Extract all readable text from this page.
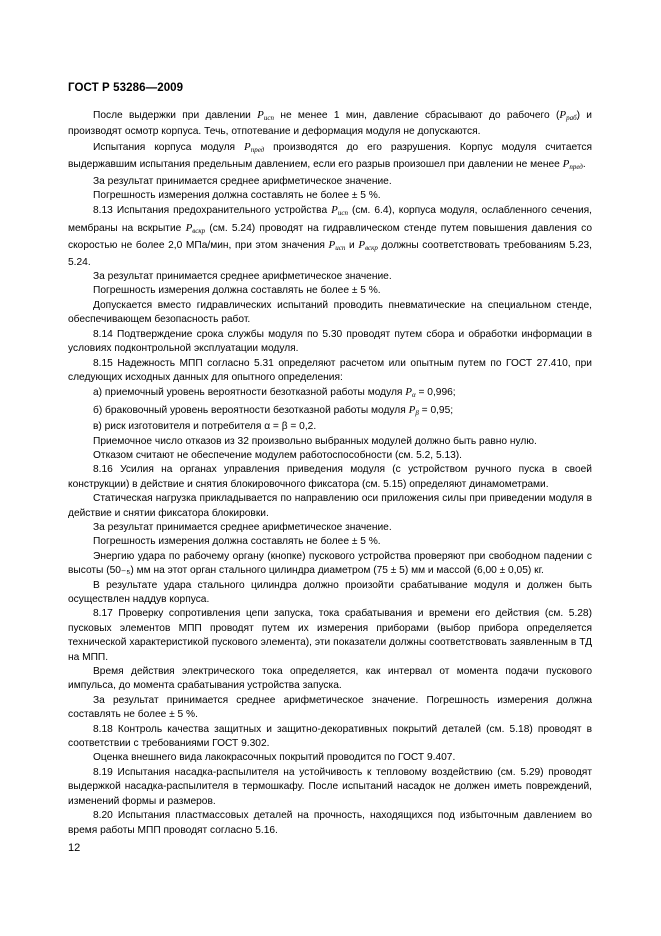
ГОСТ Р 53286—2009

После выдержки при давлении $P_{исп}$ не менее 1 мин, давление сбрасывают до рабочего $(P_{раб})$ и производят осмотр корпуса. Течь, отпотевание и деформация модуля не допускаются.

Испытания корпуса модуля $P_{пред}$ производятся до его разрушения. Корпус модуля считается выдержавшим испытания предельным давлением, если его разрыв произошел при давлении не менее $P_{пред}$.

За результат принимается среднее арифметическое значение.

Погрешность измерения должна составлять не более ± 5 %.

8.13 Испытания предохранительного устройства $P_{исп}$ (см. 6.4), корпуса модуля, ослабленного сечения, мембраны на вскрытие $P_{вскр}$ (см. 5.24) проводят на гидравлическом стенде путем повышения давления со скоростью не более 2,0 МПа/мин, при этом значения $P_{исп}$ и $P_{вскр}$ должны соответствовать требованиям 5.23, 5.24.

За результат принимается среднее арифметическое значение.

Погрешность измерения должна составлять не более ± 5 %.

Допускается вместо гидравлических испытаний проводить пневматические на специальном стенде, обеспечивающем безопасность работ.

8.14 Подтверждение срока службы модуля по 5.30 проводят путем сбора и обработки информации в условиях подконтрольной эксплуатации модуля.

8.15 Надежность МПП согласно 5.31 определяют расчетом или опытным путем по ГОСТ 27.410, при следующих исходных данных для опытного определения:

а) приемочный уровень вероятности безотказной работы модуля $P_\alpha = 0,996$;

б) браковочный уровень вероятности безотказной работы модуля $P_\beta = 0,95$;

в) риск изготовителя и потребителя α = β = 0,2.

Приемочное число отказов из 32 произвольно выбранных модулей должно быть равно нулю.

Отказом считают не обеспечение модулем работоспособности (см. 5.2, 5.13).

8.16 Усилия на органах управления приведения модуля (с устройством ручного пуска в своей конструкции) в действие и снятия блокировочного фиксатора (см. 5.15) определяют динамометрами.

Статическая нагрузка прикладывается по направлению оси приложения силы при приведении модуля в действие и снятии фиксатора блокировки.

За результат принимается среднее арифметическое значение.

Погрешность измерения должна составлять не более ± 5 %.

Энергию удара по рабочему органу (кнопке) пускового устройства проверяют при свободном падении с высоты (50₋₅) мм на этот орган стального цилиндра диаметром (75 ± 5) мм и массой (6,00 ± 0,05) кг.

В результате удара стального цилиндра должно произойти срабатывание модуля и должен быть осуществлен наддув корпуса.

8.17 Проверку сопротивления цепи запуска, тока срабатывания и времени его действия (см. 5.28) пусковых элементов МПП проводят путем их измерения приборами (выбор прибора определяется технической характеристикой пускового элемента), эти показатели должны соответствовать заявленным в ТД на МПП.

Время действия электрического тока определяется, как интервал от момента подачи пускового импульса, до момента срабатывания устройства запуска.

За результат принимается среднее арифметическое значение. Погрешность измерения должна составлять не более ± 5 %.

8.18 Контроль качества защитных и защитно-декоративных покрытий деталей (см. 5.18) проводят в соответствии с требованиями ГОСТ 9.302.

Оценка внешнего вида лакокрасочных покрытий проводится по ГОСТ 9.407.

8.19 Испытания насадка-распылителя на устойчивость к тепловому воздействию (см. 5.29) проводят выдержкой насадка-распылителя в термошкафу. После испытаний насадок не должен иметь повреждений, изменений формы и размеров.

8.20 Испытания пластмассовых деталей на прочность, находящихся под избыточным давлением во время работы МПП проводят согласно 5.16.

12
